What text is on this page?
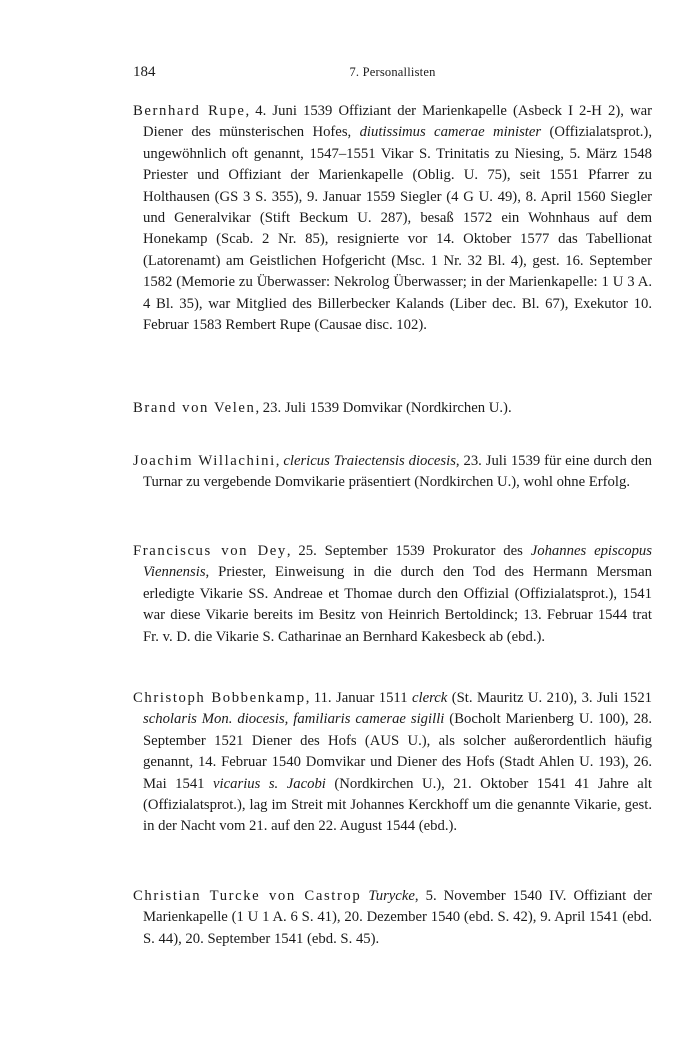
184	7. Personallisten
Bernhard Rupe, 4. Juni 1539 Offiziant der Marienkapelle (Asbeck I 2-H 2), war Diener des münsterischen Hofes, diutissimus camerae minister (Offizialatsprot.), ungewöhnlich oft genannt, 1547–1551 Vikar S. Trinitatis zu Niesing, 5. März 1548 Priester und Offiziant der Marienkapelle (Oblig. U. 75), seit 1551 Pfarrer zu Holthausen (GS 3 S. 355), 9. Januar 1559 Siegler (4 G U. 49), 8. April 1560 Siegler und Generalvikar (Stift Beckum U. 287), besaß 1572 ein Wohnhaus auf dem Honekamp (Scab. 2 Nr. 85), resignierte vor 14. Oktober 1577 das Tabellionat (Latorenamt) am Geistlichen Hofgericht (Msc. 1 Nr. 32 Bl. 4), gest. 16. September 1582 (Memorie zu Überwasser: Nekrolog Überwasser; in der Marienkapelle: 1 U 3 A. 4 Bl. 35), war Mitglied des Billerbecker Kalands (Liber dec. Bl. 67), Exekutor 10. Februar 1583 Rembert Rupe (Causae disc. 102).
Brand von Velen, 23. Juli 1539 Domvikar (Nordkirchen U.).
Joachim Willachini, clericus Traiectensis diocesis, 23. Juli 1539 für eine durch den Turnar zu vergebende Domvikarie präsentiert (Nordkirchen U.), wohl ohne Erfolg.
Franciscus von Dey, 25. September 1539 Prokurator des Johannes episcopus Viennensis, Priester, Einweisung in die durch den Tod des Hermann Mersman erledigte Vikarie SS. Andreae et Thomae durch den Offizial (Offizialatsprot.), 1541 war diese Vikarie bereits im Besitz von Heinrich Bertoldinck; 13. Februar 1544 trat Fr. v. D. die Vikarie S. Catharinae an Bernhard Kakesbeck ab (ebd.).
Christoph Bobbenkamp, 11. Januar 1511 clerck (St. Mauritz U. 210), 3. Juli 1521 scholaris Mon. diocesis, familiaris camerae sigilli (Bocholt Marienberg U. 100), 28. September 1521 Diener des Hofs (AUS U.), als solcher außerordentlich häufig genannt, 14. Februar 1540 Domvikar und Diener des Hofs (Stadt Ahlen U. 193), 26. Mai 1541 vicarius s. Jacobi (Nordkirchen U.), 21. Oktober 1541 41 Jahre alt (Offizialatsprot.), lag im Streit mit Johannes Kerckhoff um die genannte Vikarie, gest. in der Nacht vom 21. auf den 22. August 1544 (ebd.).
Christian Turcke von Castrop Turycke, 5. November 1540 IV. Offiziant der Marienkapelle (1 U 1 A. 6 S. 41), 20. Dezember 1540 (ebd. S. 42), 9. April 1541 (ebd. S. 44), 20. September 1541 (ebd. S. 45).
